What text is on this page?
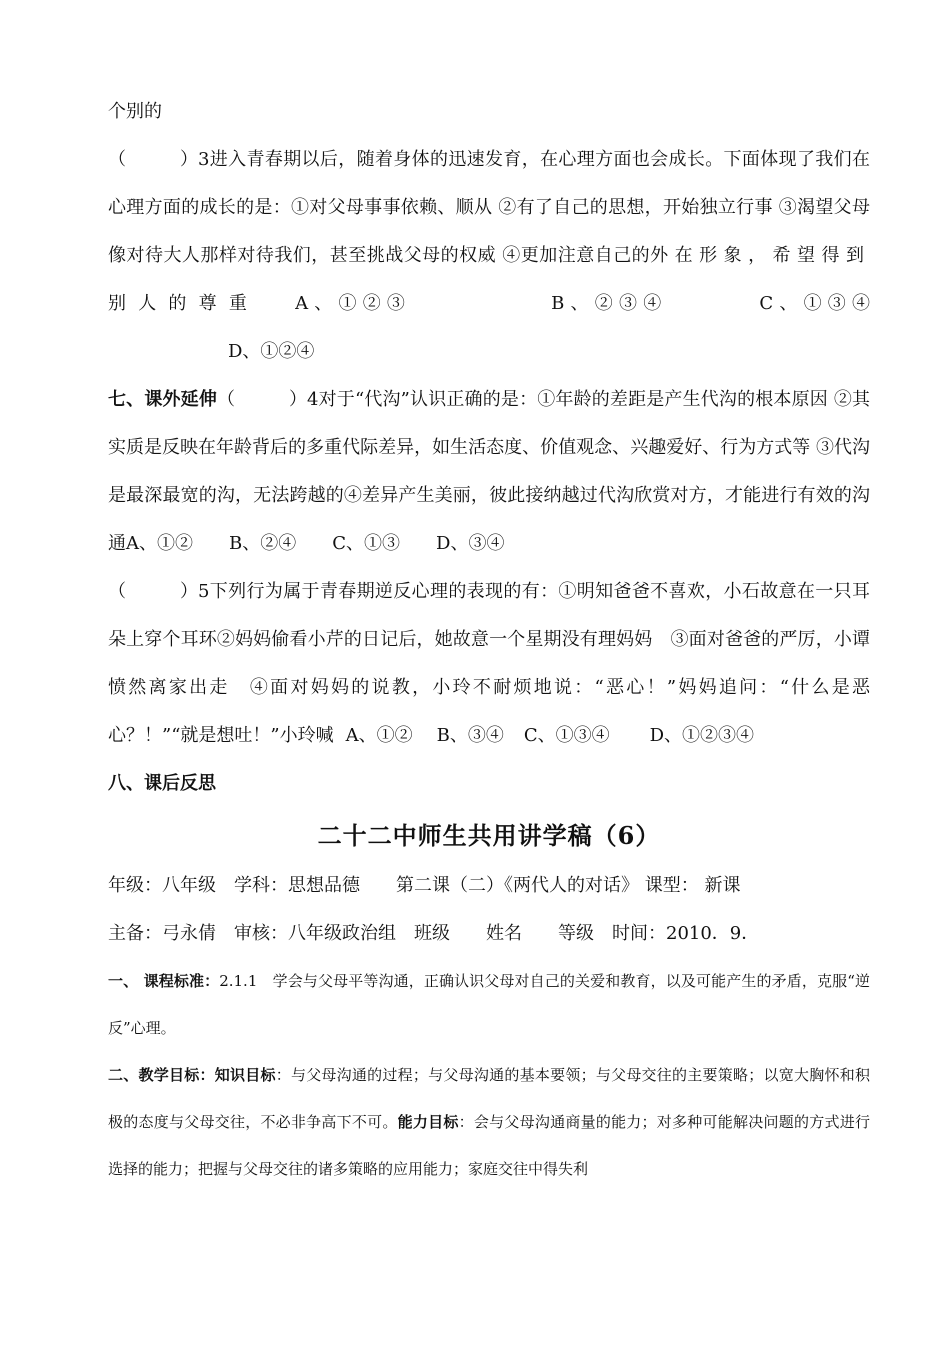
个别的
（　　　）3进入青春期以后，随着身体的迅速发育，在心理方面也会成长。下面体现了我们在心理方面的成长的是：①对父母事事依赖、顺从 ②有了自己的思想，开始独立行事 ③渴望父母像对待大人那样对待我们，甚至挑战父母的权威 ④更加注意自己的外在形象，希望得到别人的尊重 A、①②③	B、②③④	C、①③④D、①②④
七、课外延伸（　　　）4对于“代沟”认识正确的是：①年龄的差距是产生代沟的根本原因 ②其实质是反映在年龄背后的多重代际差异，如生活态度、价值观念、兴趣爱好、行为方式等 ③代沟是最深最宽的沟，无法跨越的④差异产生美丽，彼此接纳越过代沟欣赏对方，才能进行有效的沟通A、①② B、②④ C、①③ D、③④
（　　　）5下列行为属于青春期逆反心理的表现的有：①明知爸爸不喜欢，小石故意在一只耳朵上穿个耳环②妈妈偷看小芹的日记后，她故意一个星期没有理妈妈　③面对爸爸的严厉，小谭愤然离家出走　④面对妈妈的说教，小玲不耐烦地说：“恶心！”妈妈追问：“什么是恶心？！”“就是想吐！”小玲喊 A、①② B、③④ C、①③④ D、①②③④
八、课后反思
二十二中师生共用讲学稿（6）
年级：八年级　学科：思想品德　　第二课（二）《两代人的对话》 课型： 新课
主备：弓永倩　审核：八年级政治组　班级　　姓名　　等级　时间：2010．9．
一、 课程标准：2.1.1　学会与父母平等沟通，正确认识父母对自己的关爱和教育，以及可能产生的矛盾，克服“逆反”心理。
二、教学目标：知识目标：与父母沟通的过程；与父母沟通的基本要领；与父母交往的主要策略；以宽大胸怀和积极的态度与父母交往，不必非争高下不可。能力目标：会与父母沟通商量的能力；对多种可能解决问题的方式进行选择的能力；把握与父母交往的诸多策略的应用能力；家庭交往中得失利
